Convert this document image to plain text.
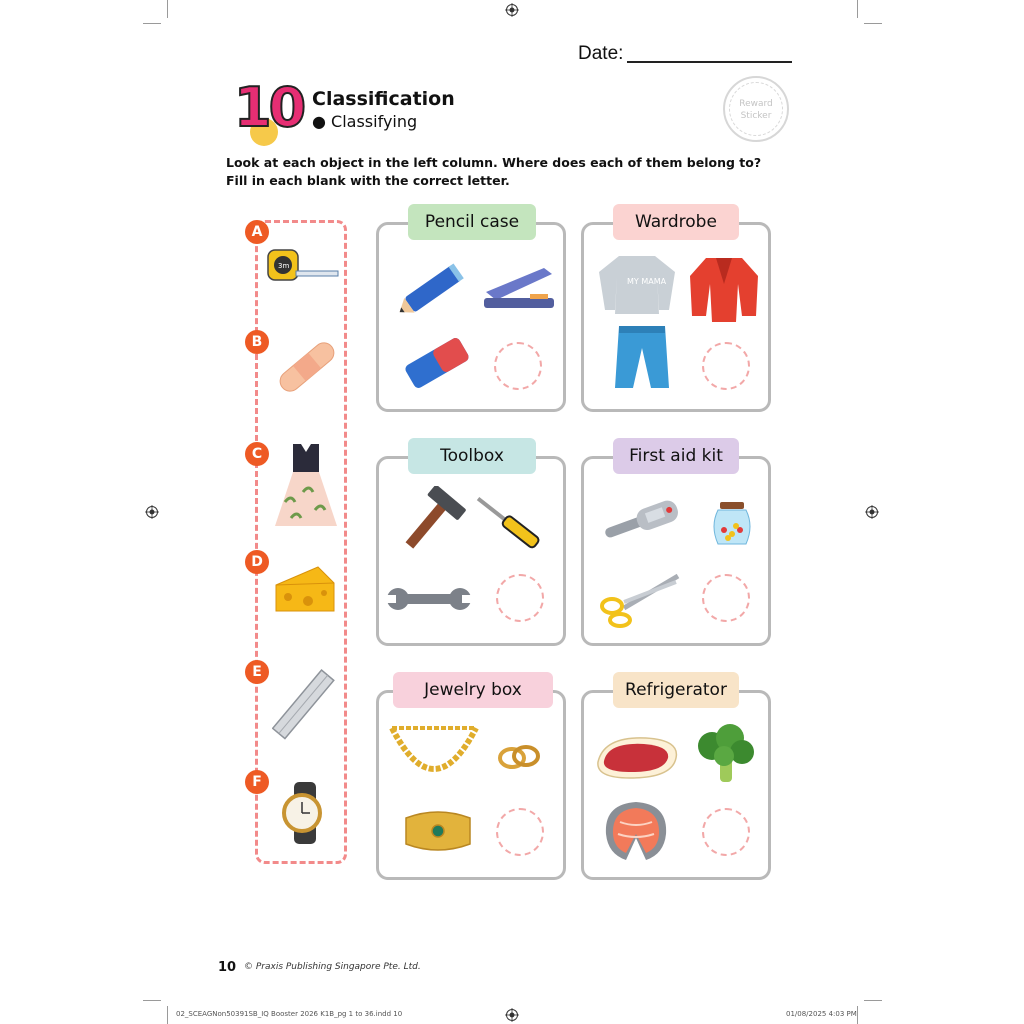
Date:
10 Classification
● Classifying
Reward
Sticker
Look at each object in the left column. Where does each of them belong to?
Fill in each blank with the correct letter.
A
3m
B
C
D
E
F
Pencil case	Wardrobe
MY MAMA
Toolbox	First aid kit
Jewelry box	Refrigerator
10 © Praxis Publishing Singapore Pte. Ltd.
02_SCEAGNon50391SB_IQ Booster 2026 K1B_pg 1 to 36.indd 10	01/08/2025 4:03 PM
